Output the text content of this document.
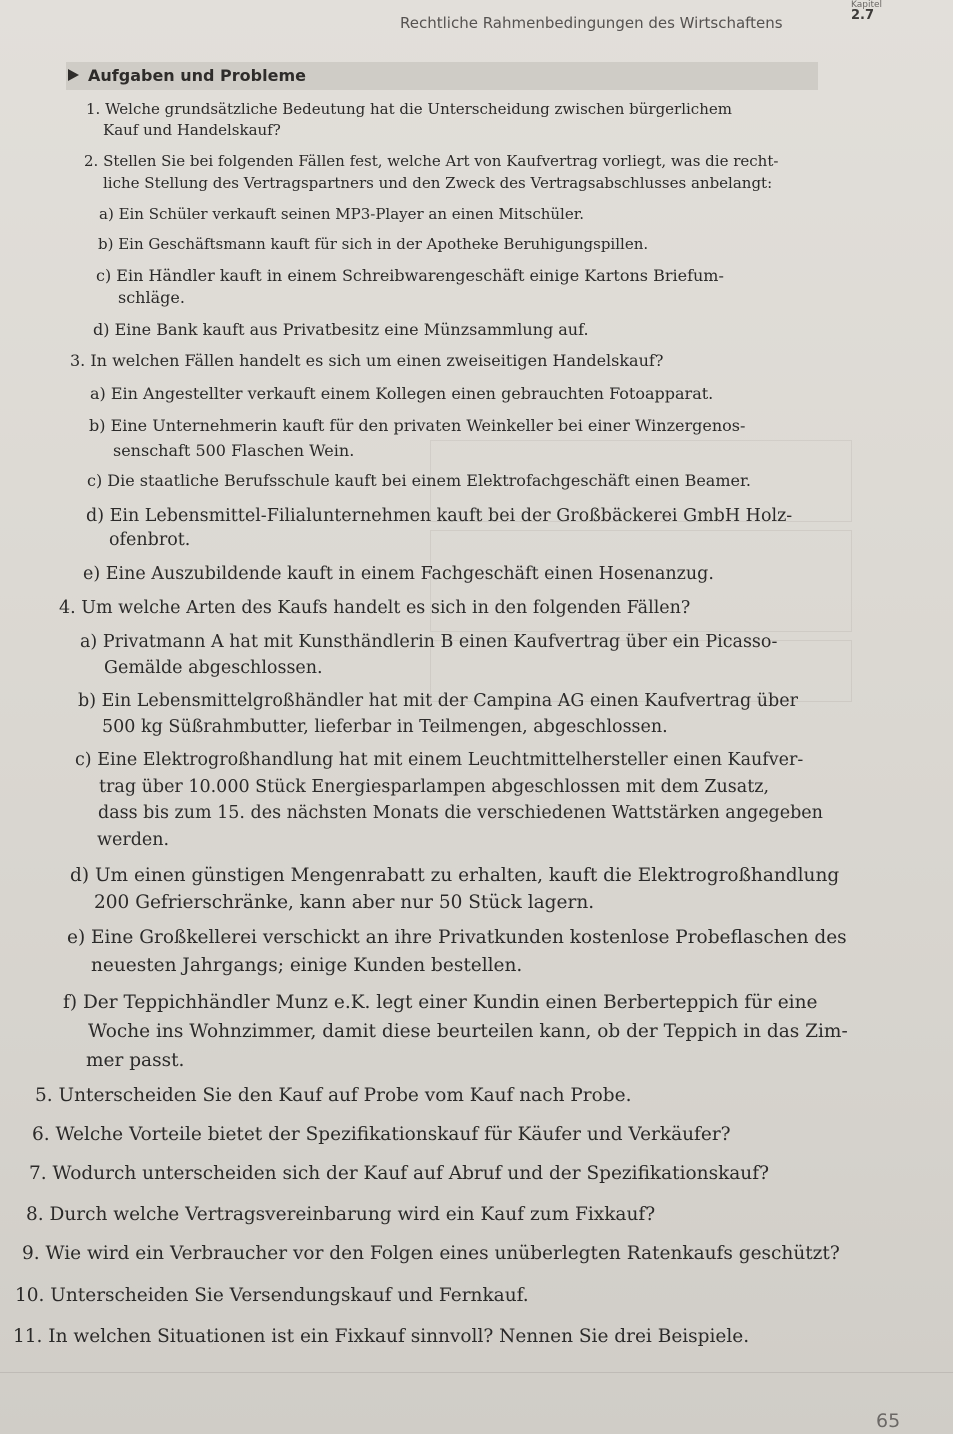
Rechtliche Rahmenbedingungen des Wirtschaftens
Kapitel
2.7
Aufgaben und Probleme
1. Welche grundsätzliche Bedeutung hat die Unterscheidung zwischen bürgerlichem
Kauf und Handelskauf?
2. Stellen Sie bei folgenden Fällen fest, welche Art von Kaufvertrag vorliegt, was die recht-
liche Stellung des Vertragspartners und den Zweck des Vertragsabschlusses anbelangt:
a) Ein Schüler verkauft seinen MP3-Player an einen Mitschüler.
b) Ein Geschäftsmann kauft für sich in der Apotheke Beruhigungspillen.
c) Ein Händler kauft in einem Schreibwarengeschäft einige Kartons Briefum-
schläge.
d) Eine Bank kauft aus Privatbesitz eine Münzsammlung auf.
3. In welchen Fällen handelt es sich um einen zweiseitigen Handelskauf?
a) Ein Angestellter verkauft einem Kollegen einen gebrauchten Fotoapparat.
b) Eine Unternehmerin kauft für den privaten Weinkeller bei einer Winzergenos-
senschaft 500 Flaschen Wein.
c) Die staatliche Berufsschule kauft bei einem Elektrofachgeschäft einen Beamer.
d) Ein Lebensmittel-Filialunternehmen kauft bei der Großbäckerei GmbH Holz-
ofenbrot.
e) Eine Auszubildende kauft in einem Fachgeschäft einen Hosenanzug.
4. Um welche Arten des Kaufs handelt es sich in den folgenden Fällen?
a) Privatmann A hat mit Kunsthändlerin B einen Kaufvertrag über ein Picasso-
Gemälde abgeschlossen.
b) Ein Lebensmittelgroßhändler hat mit der Campina AG einen Kaufvertrag über
500 kg Süßrahmbutter, lieferbar in Teilmengen, abgeschlossen.
c) Eine Elektrogroßhandlung hat mit einem Leuchtmittelhersteller einen Kaufver-
trag über 10.000 Stück Energiesparlampen abgeschlossen mit dem Zusatz,
dass bis zum 15. des nächsten Monats die verschiedenen Wattstärken angegeben
werden.
d) Um einen günstigen Mengenrabatt zu erhalten, kauft die Elektrogroßhandlung
200 Gefrierschränke, kann aber nur 50 Stück lagern.
e) Eine Großkellerei verschickt an ihre Privatkunden kostenlose Probeflaschen des
neuesten Jahrgangs; einige Kunden bestellen.
f) Der Teppichhändler Munz e.K. legt einer Kundin einen Berberteppich für eine
Woche ins Wohnzimmer, damit diese beurteilen kann, ob der Teppich in das Zim-
mer passt.
5. Unterscheiden Sie den Kauf auf Probe vom Kauf nach Probe.
6. Welche Vorteile bietet der Spezifikationskauf für Käufer und Verkäufer?
7. Wodurch unterscheiden sich der Kauf auf Abruf und der Spezifikationskauf?
8. Durch welche Vertragsvereinbarung wird ein Kauf zum Fixkauf?
9. Wie wird ein Verbraucher vor den Folgen eines unüberlegten Ratenkaufs geschützt?
10. Unterscheiden Sie Versendungskauf und Fernkauf.
11. In welchen Situationen ist ein Fixkauf sinnvoll? Nennen Sie drei Beispiele.
65
